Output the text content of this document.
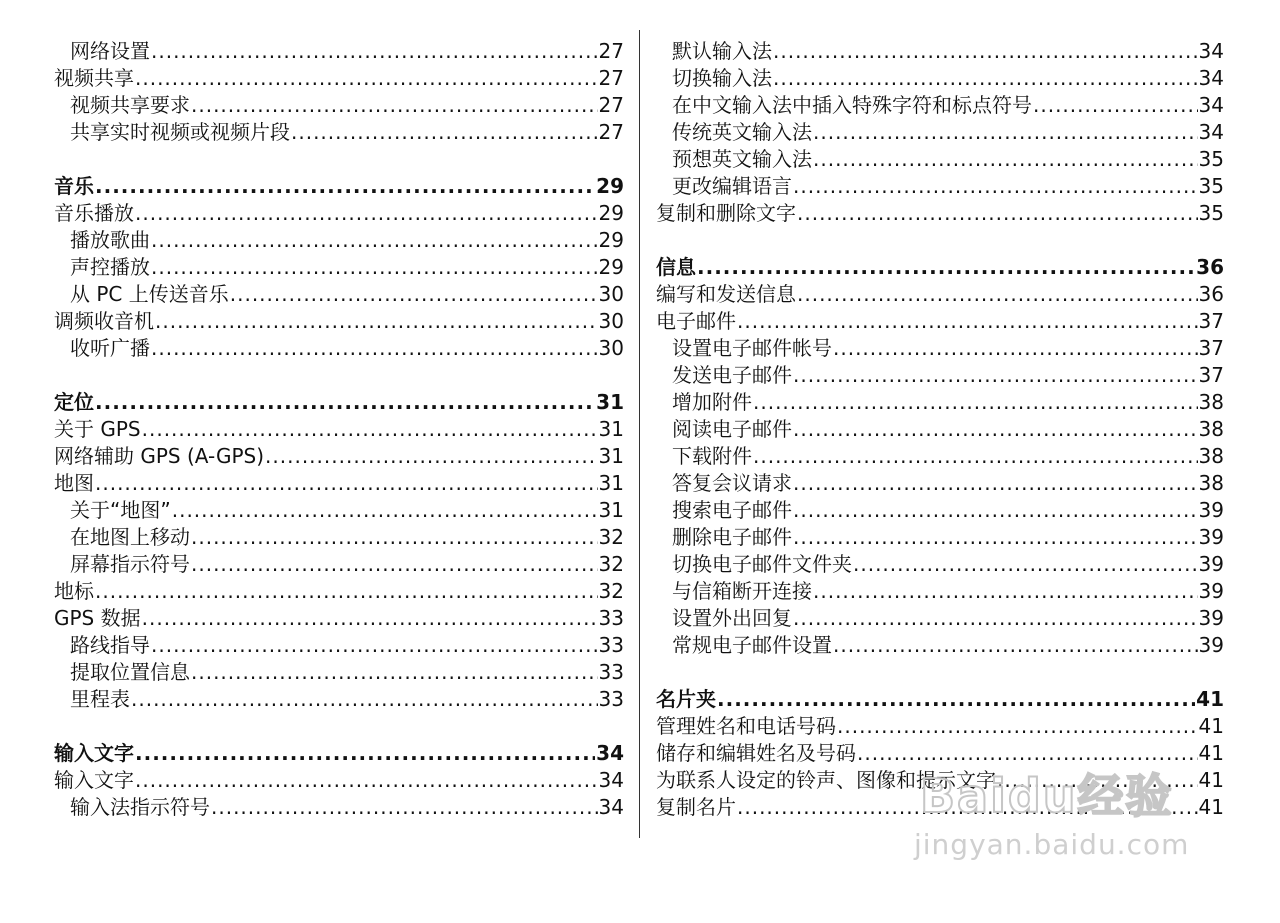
网络设置 .....	27
视频共享 .....	27
视频共享要求 .....	27
共享实时视频或视频片段 .....	27
音乐 .....	29
音乐播放 .....	29
播放歌曲 .....	29
声控播放 .....	29
从 PC 上传送音乐 .....	30
调频收音机 .....	30
收听广播 .....	30
定位 .....	31
关于 GPS .....	31
网络辅助 GPS (A-GPS) .....	31
地图 .....	31
关于“地图” .....	31
在地图上移动 .....	32
屏幕指示符号 .....	32
地标 .....	32
GPS 数据 .....	33
路线指导 .....	33
提取位置信息 .....	33
里程表 .....	33
输入文字 .....	34
输入文字 .....	34
输入法指示符号 .....	34
默认输入法 .....	34
切换输入法 .....	34
在中文输入法中插入特殊字符和标点符号 .....	34
传统英文输入法 .....	34
预想英文输入法 .....	35
更改编辑语言 .....	35
复制和删除文字 .....	35
信息 .....	36
编写和发送信息 .....	36
电子邮件 .....	37
设置电子邮件帐号 .....	37
发送电子邮件 .....	37
增加附件 .....	38
阅读电子邮件 .....	38
下载附件 .....	38
答复会议请求 .....	38
搜索电子邮件 .....	39
删除电子邮件 .....	39
切换电子邮件文件夹 .....	39
与信箱断开连接 .....	39
设置外出回复 .....	39
常规电子邮件设置 .....	39
名片夹 .....	41
管理姓名和电话号码 .....	41
储存和编辑姓名及号码 .....	41
为联系人设定的铃声、图像和提示文字 .....	41
复制名片 .....	41
Baidu经验
jingyan.baidu.com
